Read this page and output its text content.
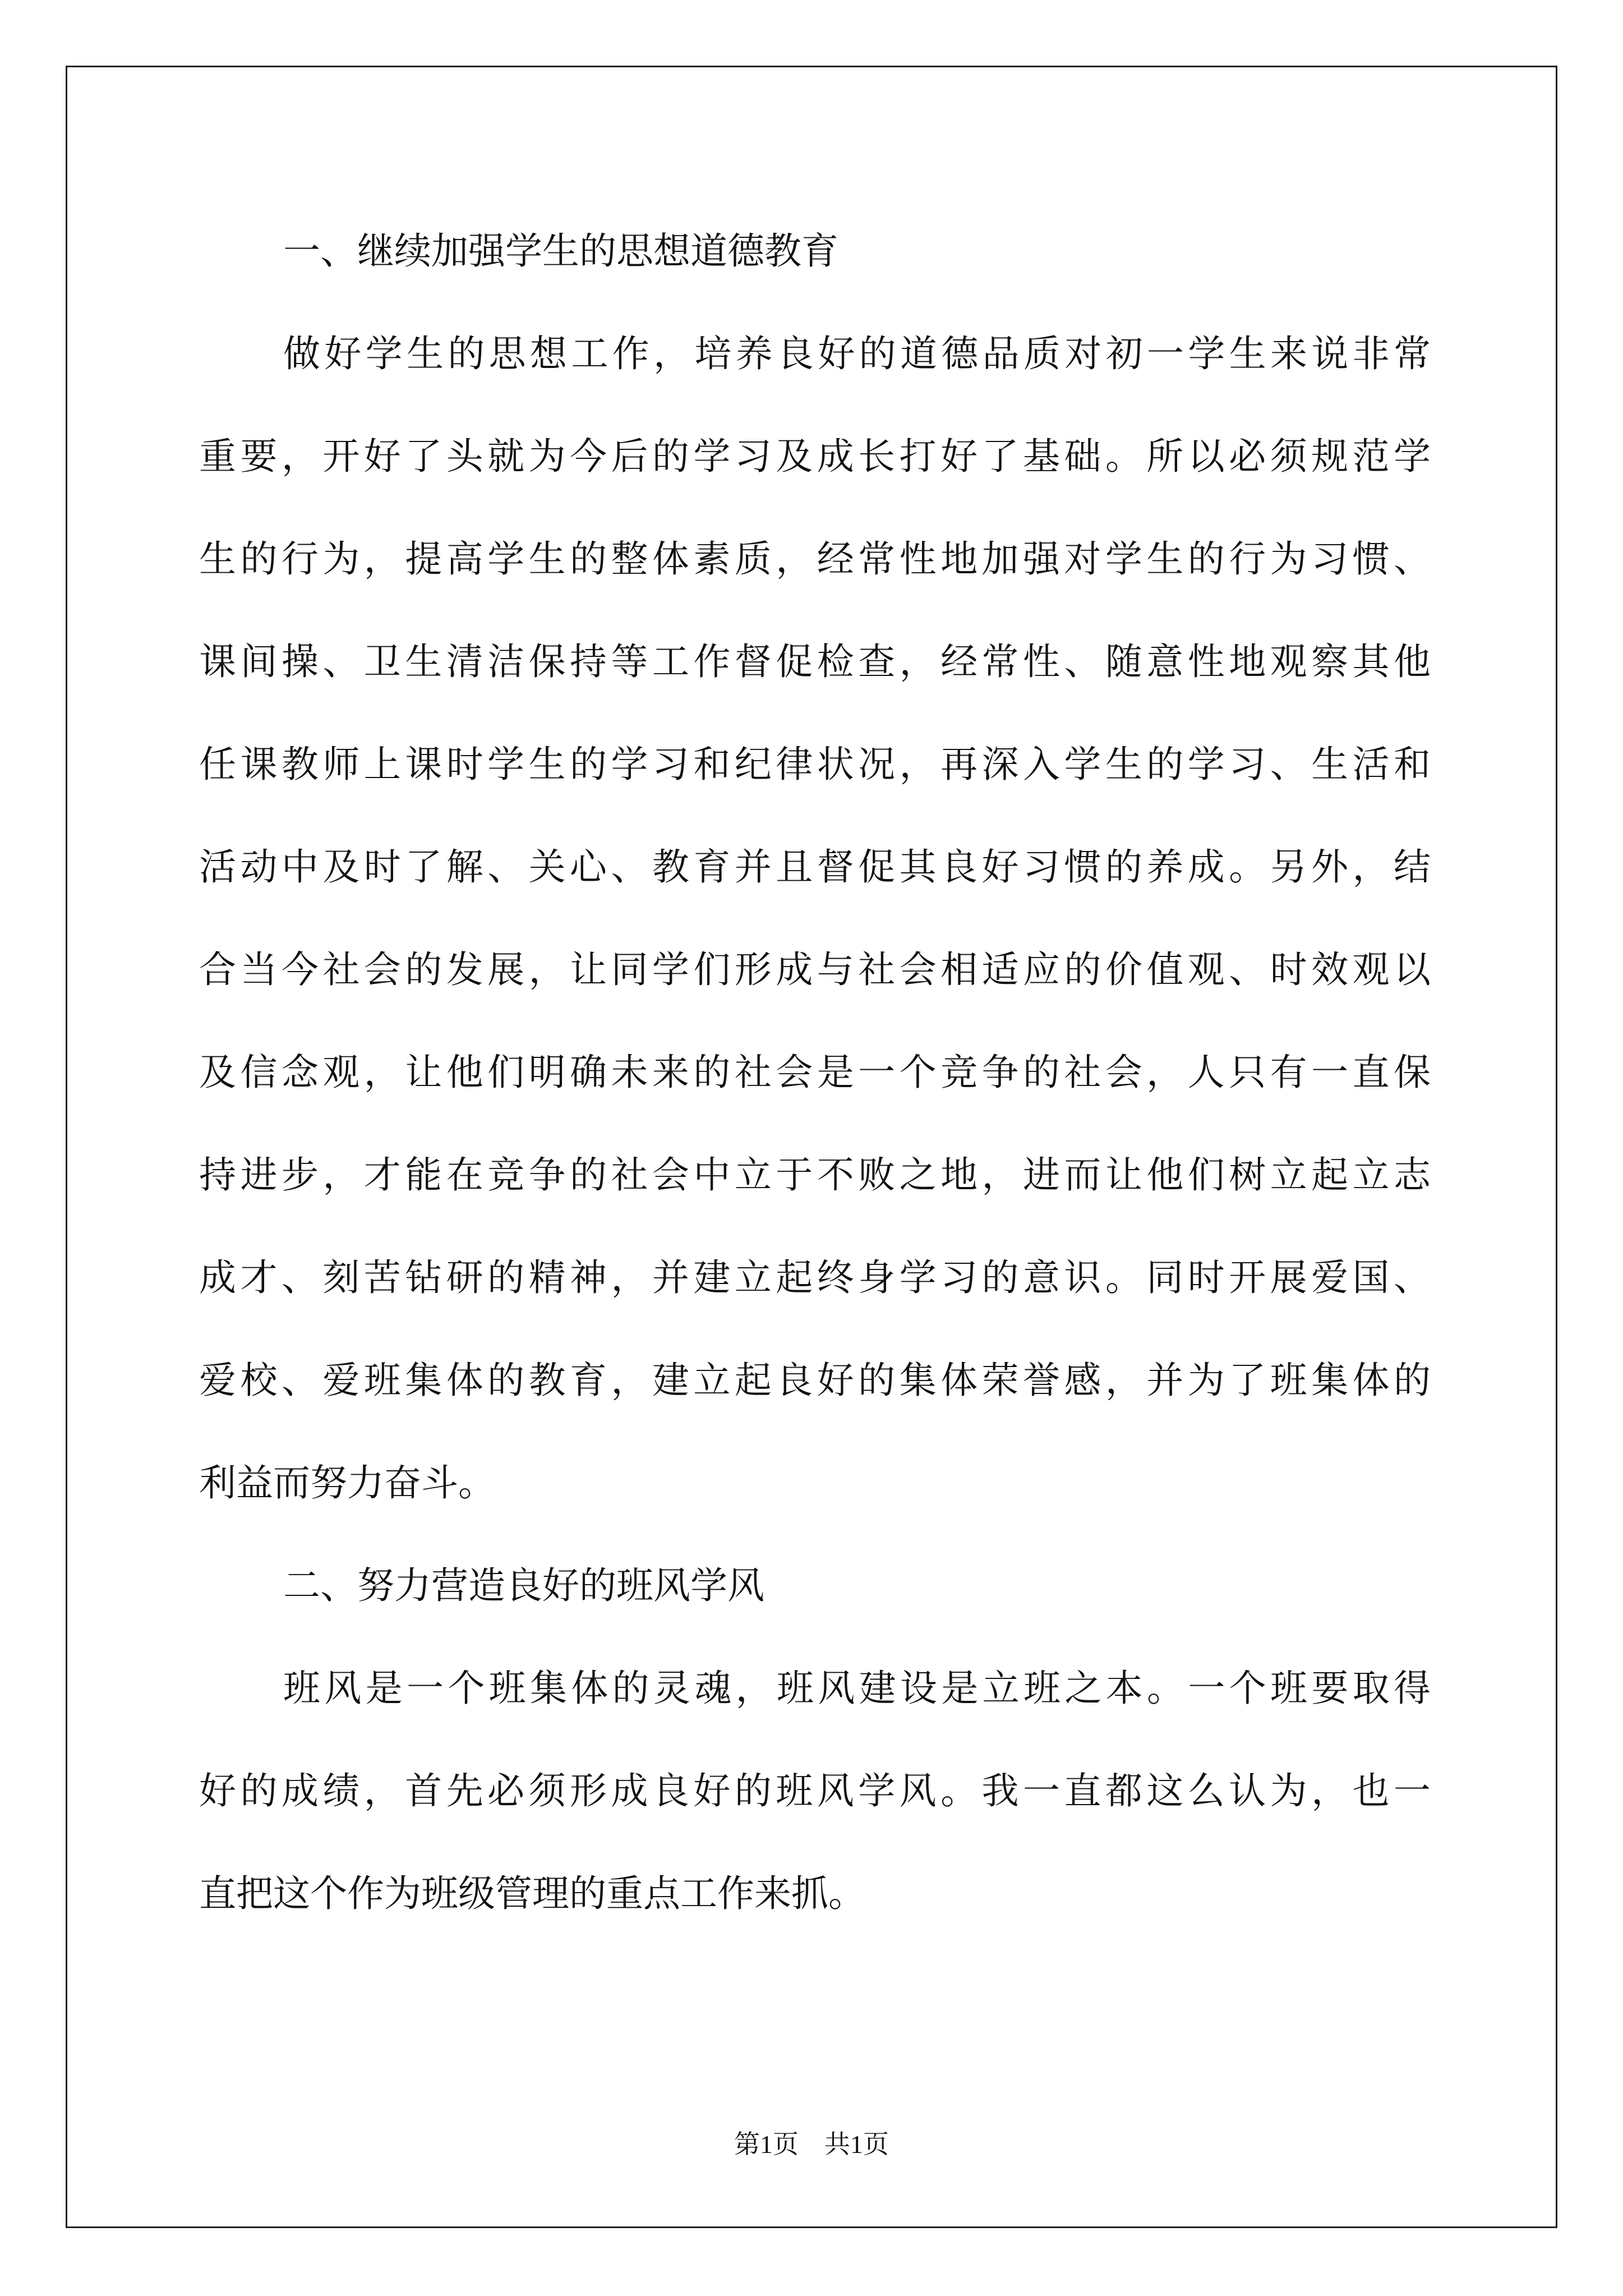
一、继续加强学生的思想道德教育
做好学生的思想工作，培养良好的道德品质对初一学生来说非常
重要，开好了头就为今后的学习及成长打好了基础。所以必须规范学
生的行为，提高学生的整体素质，经常性地加强对学生的行为习惯、
课间操、卫生清洁保持等工作督促检查，经常性、随意性地观察其他
任课教师上课时学生的学习和纪律状况，再深入学生的学习、生活和
活动中及时了解、关心、教育并且督促其良好习惯的养成。另外，结
合当今社会的发展，让同学们形成与社会相适应的价值观、时效观以
及信念观，让他们明确未来的社会是一个竞争的社会，人只有一直保
持进步，才能在竞争的社会中立于不败之地，进而让他们树立起立志
成才、刻苦钻研的精神，并建立起终身学习的意识。同时开展爱国、
爱校、爱班集体的教育，建立起良好的集体荣誉感，并为了班集体的
利益而努力奋斗。
二、努力营造良好的班风学风
班风是一个班集体的灵魂，班风建设是立班之本。一个班要取得
好的成绩，首先必须形成良好的班风学风。我一直都这么认为，也一
直把这个作为班级管理的重点工作来抓。
第1页　共1页
